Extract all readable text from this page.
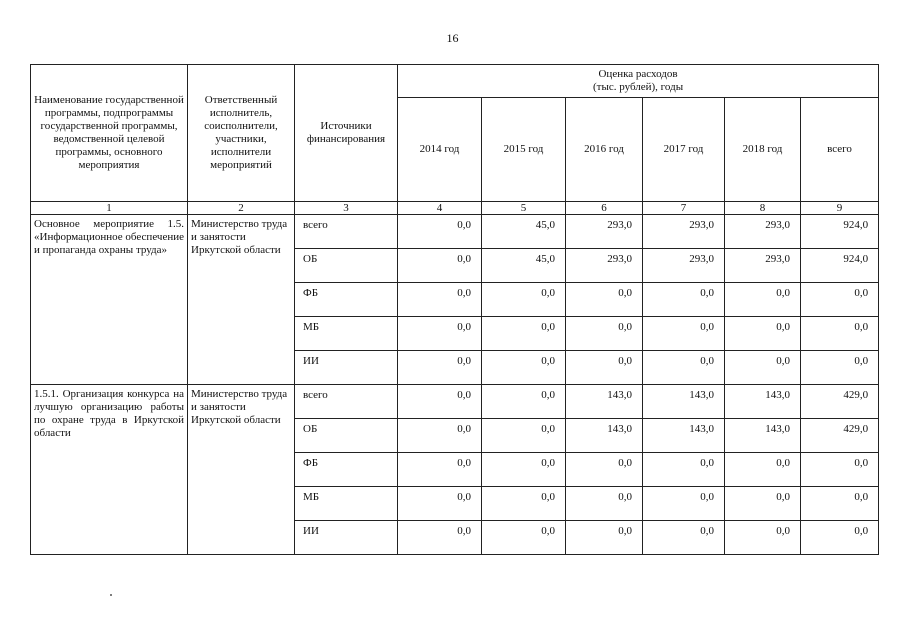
16
Наименование государственной программы, подпрограммы государственной программы, ведомственной целевой программы, основного мероприятия	Ответственный исполнитель, соисполнители, участники, исполнители мероприятий	Источники финансирования	Оценка расходов
(тыс. рублей), годы					

			2014 год	2015 год	2016 год	2017 год	2018 год	всего
1	2	3	4	5	6	7	8	9
Основное мероприятие 1.5. «Информационное обеспечение и пропаганда охраны труда»	Министерство труда и занятости Иркутской области	всего	0,0	45,0	293,0	293,0	293,0	924,0
		ОБ	0,0	45,0	293,0	293,0	293,0	924,0
		ФБ	0,0	0,0	0,0	0,0	0,0	0,0
		МБ	0,0	0,0	0,0	0,0	0,0	0,0
		ИИ	0,0	0,0	0,0	0,0	0,0	0,0
1.5.1. Организация конкурса на лучшую организацию работы по охране труда в Иркутской области	Министерство труда и занятости Иркутской области	всего	0,0	0,0	143,0	143,0	143,0	429,0
		ОБ	0,0	0,0	143,0	143,0	143,0	429,0
		ФБ	0,0	0,0	0,0	0,0	0,0	0,0
		МБ	0,0	0,0	0,0	0,0	0,0	0,0
		ИИ	0,0	0,0	0,0	0,0	0,0	0,0
